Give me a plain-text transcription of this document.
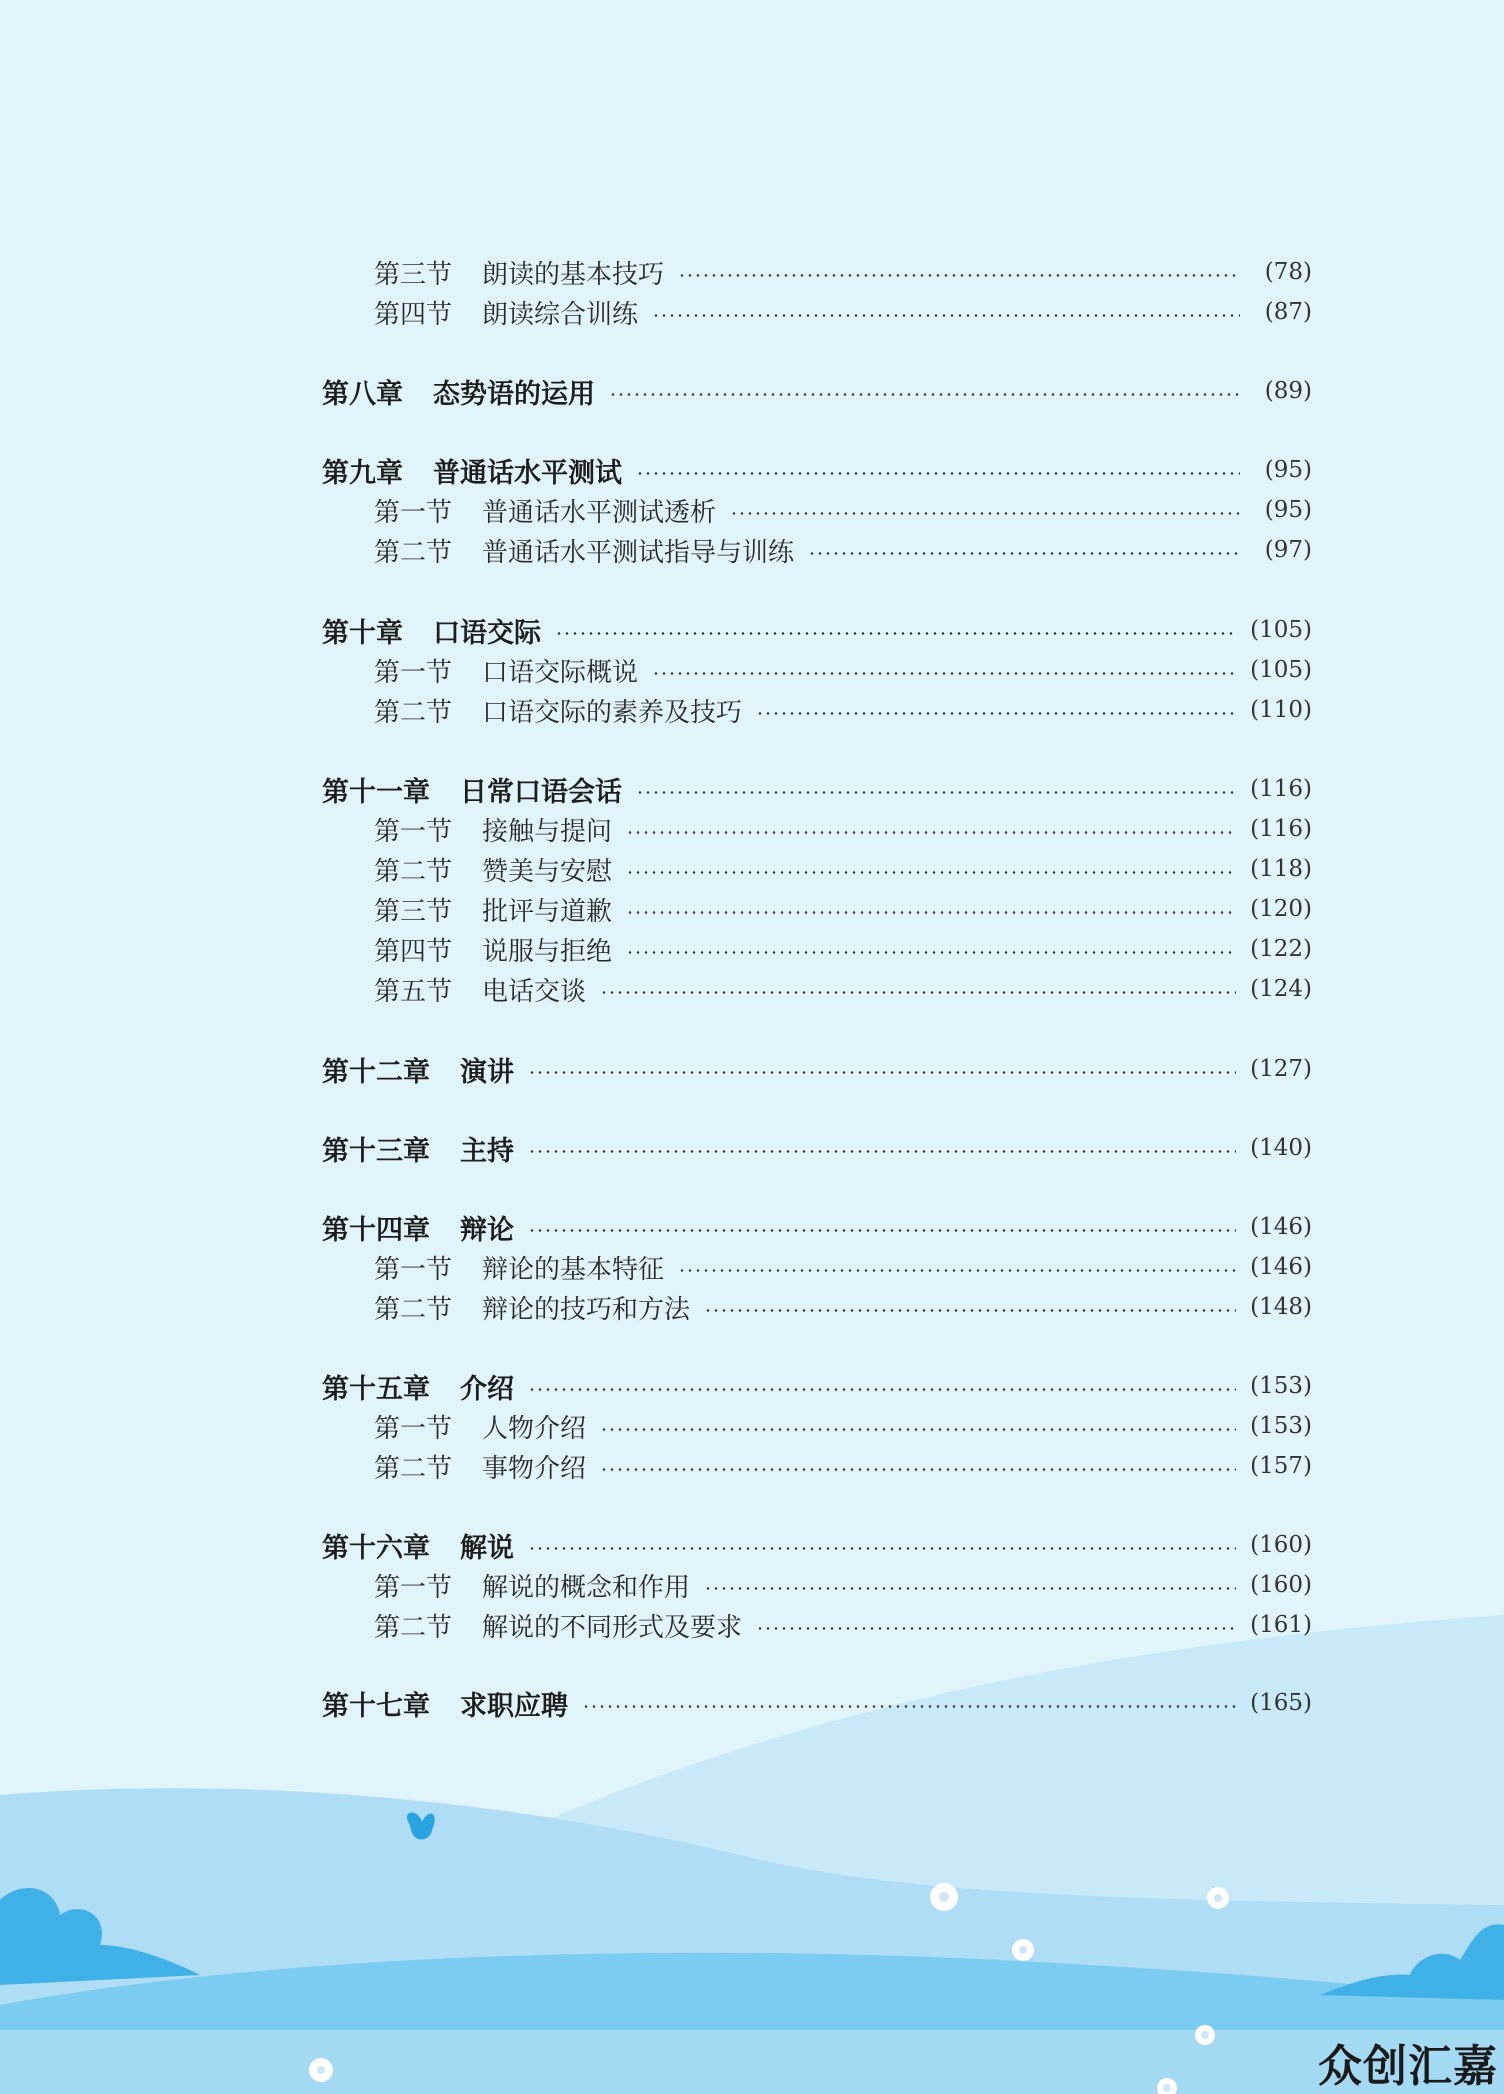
第三节 朗读的基本技巧	(78)
第四节 朗读综合训练	(87)
第八章 态势语的运用	(89)
第九章 普通话水平测试	(95)
第一节 普通话水平测试透析	(95)
第二节 普通话水平测试指导与训练	(97)
第十章 口语交际	(105)
第一节 口语交际概说	(105)
第二节 口语交际的素养及技巧	(110)
第十一章 日常口语会话	(116)
第一节 接触与提问	(116)
第二节 赞美与安慰	(118)
第三节 批评与道歉	(120)
第四节 说服与拒绝	(122)
第五节 电话交谈	(124)
第十二章 演讲	(127)
第十三章 主持	(140)
第十四章 辩论	(146)
第一节 辩论的基本特征	(146)
第二节 辩论的技巧和方法	(148)
第十五章 介绍	(153)
第一节 人物介绍	(153)
第二节 事物介绍	(157)
第十六章 解说	(160)
第一节 解说的概念和作用	(160)
第二节 解说的不同形式及要求	(161)
第十七章 求职应聘	(165)
众创汇嘉
